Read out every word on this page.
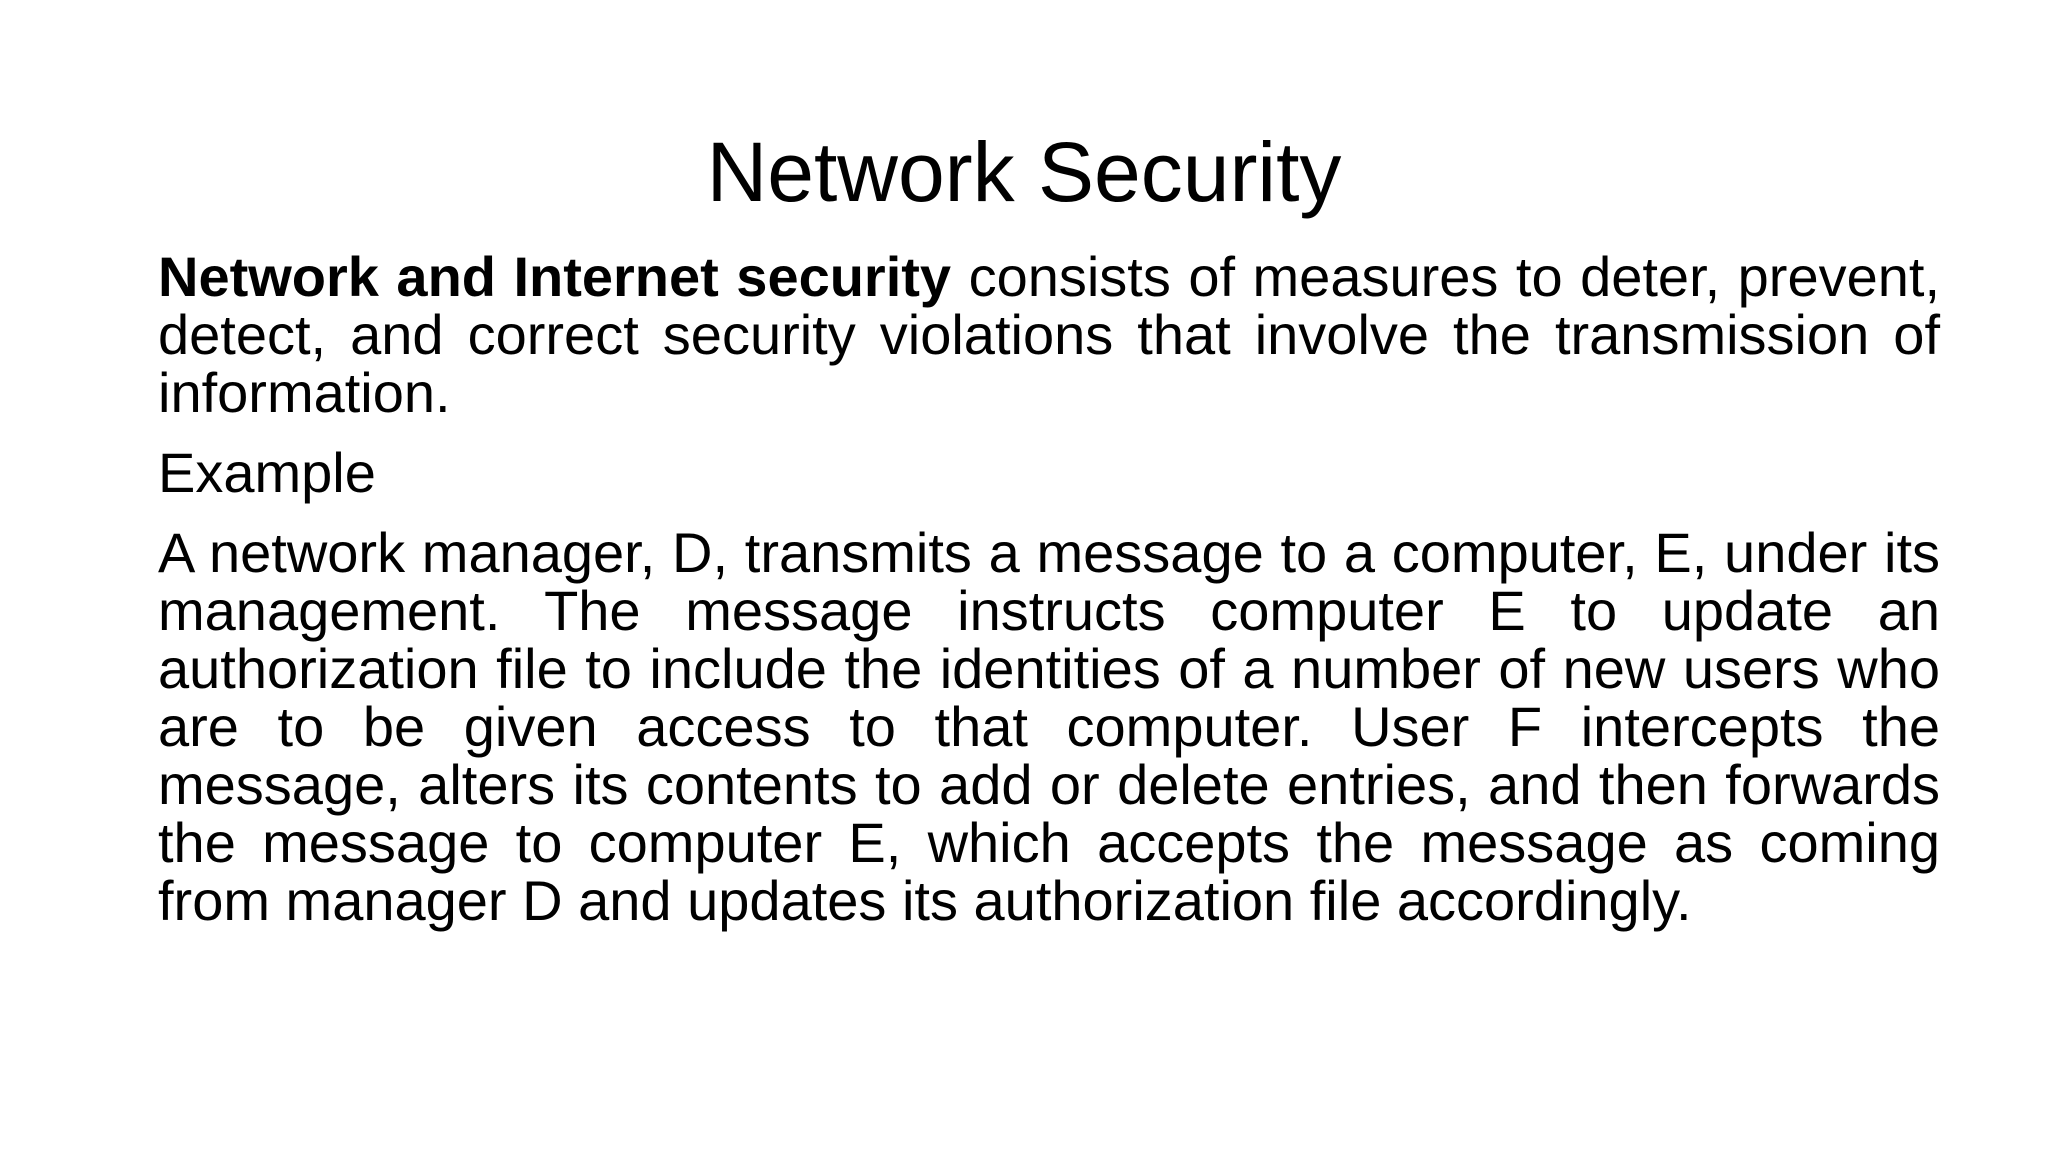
Network Security

Network and Internet security consists of measures to deter, prevent, detect, and correct security violations that involve the transmission of information.

Example

A network manager, D, transmits a message to a computer, E, under its management. The message instructs computer E to update an authorization file to include the identities of a number of new users who are to be given access to that computer. User F intercepts the message, alters its contents to add or delete entries, and then forwards the message to computer E, which accepts the message as coming from manager D and updates its authorization file accordingly.
